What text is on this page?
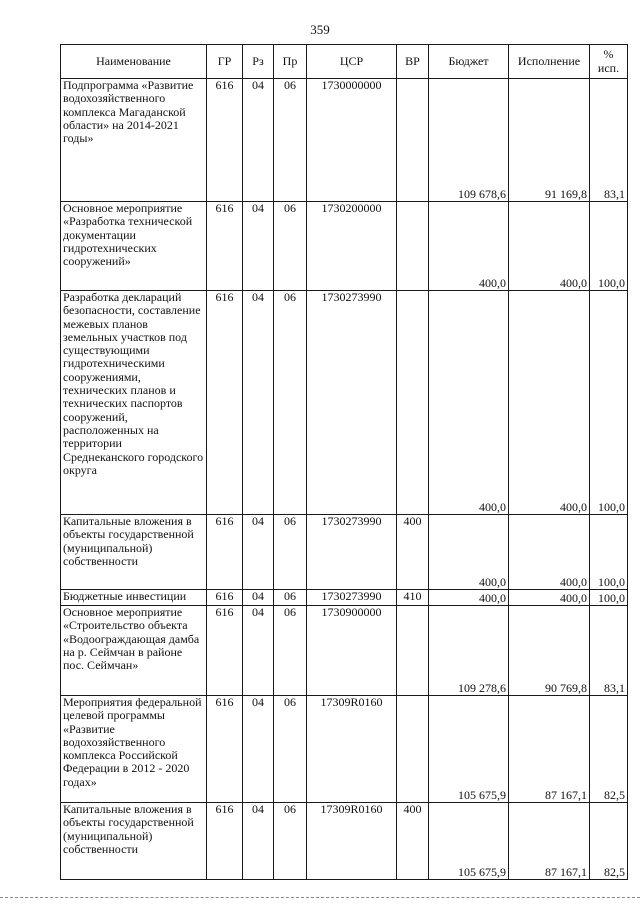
359
Наименование	ГР	Рз	Пр	ЦСР	ВР	Бюджет	Исполнение	% исп.
Подпрограмма «Развитие водохозяйственного комплекса Магаданской области» на 2014-2021 годы»	616	04	06	1730000000		109 678,6	91 169,8	83,1
Основное мероприятие «Разработка технической документации гидротехнических сооружений»	616	04	06	1730200000		400,0	400,0	100,0
Разработка деклараций безопасности, составление межевых планов земельных участков под существующими гидротехническими сооружениями, технических планов и технических паспортов сооружений, расположенных на территории Среднеканского городского округа	616	04	06	1730273990		400,0	400,0	100,0
Капитальные вложения в объекты государственной (муниципальной) собственности	616	04	06	1730273990	400	400,0	400,0	100,0
Бюджетные инвестиции	616	04	06	1730273990	410	400,0	400,0	100,0
Основное мероприятие «Строительство объекта «Водоограждающая дамба на р. Сеймчан в районе пос. Сеймчан»	616	04	06	1730900000		109 278,6	90 769,8	83,1
Мероприятия федеральной целевой программы «Развитие водохозяйственного комплекса Российской Федерации в 2012 - 2020 годах»	616	04	06	17309R0160		105 675,9	87 167,1	82,5
Капитальные вложения в объекты государственной (муниципальной) собственности	616	04	06	17309R0160	400	105 675,9	87 167,1	82,5
